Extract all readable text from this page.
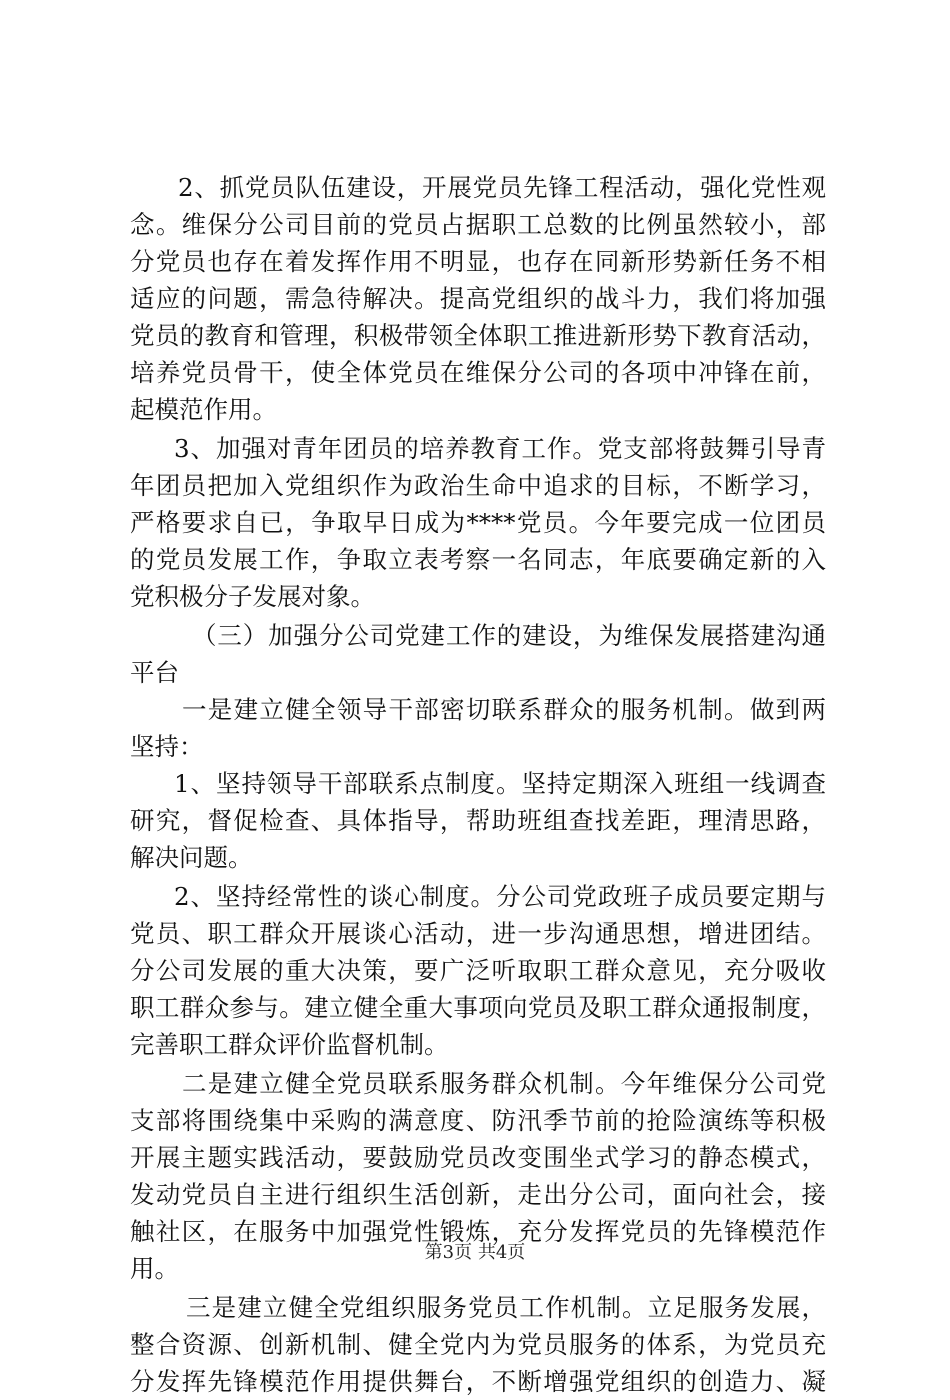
2、抓党员队伍建设，开展党员先锋工程活动，强化党性观
念。维保分公司目前的党员占据职工总数的比例虽然较小，部
分党员也存在着发挥作用不明显，也存在同新形势新任务不相
适应的问题，需急待解决。提高党组织的战斗力，我们将加强
党员的教育和管理，积极带领全体职工推进新形势下教育活动，
培养党员骨干，使全体党员在维保分公司的各项中冲锋在前，
起模范作用。
3、加强对青年团员的培养教育工作。党支部将鼓舞引导青
年团员把加入党组织作为政治生命中追求的目标，不断学习，
严格要求自已，争取早日成为****党员。今年要完成一位团员
的党员发展工作，争取立表考察一名同志，年底要确定新的入
党积极分子发展对象。
（三）加强分公司党建工作的建设，为维保发展搭建沟通
平台
一是建立健全领导干部密切联系群众的服务机制。做到两
坚持：
1、坚持领导干部联系点制度。坚持定期深入班组一线调查
研究，督促检查、具体指导，帮助班组查找差距，理清思路，
解决问题。
2、坚持经常性的谈心制度。分公司党政班子成员要定期与
党员、职工群众开展谈心活动，进一步沟通思想，增进团结。
分公司发展的重大决策，要广泛听取职工群众意见，充分吸收
职工群众参与。建立健全重大事项向党员及职工群众通报制度，
完善职工群众评价监督机制。
二是建立健全党员联系服务群众机制。今年维保分公司党
支部将围绕集中采购的满意度、防汛季节前的抢险演练等积极
开展主题实践活动，要鼓励党员改变围坐式学习的静态模式，
发动党员自主进行组织生活创新，走出分公司，面向社会，接
触社区，在服务中加强党性锻炼，充分发挥党员的先锋模范作
用。
三是建立健全党组织服务党员工作机制。立足服务发展，
整合资源、创新机制、健全党内为党员服务的体系，为党员充
分发挥先锋模范作用提供舞台，不断增强党组织的创造力、凝
第3页 共4页
